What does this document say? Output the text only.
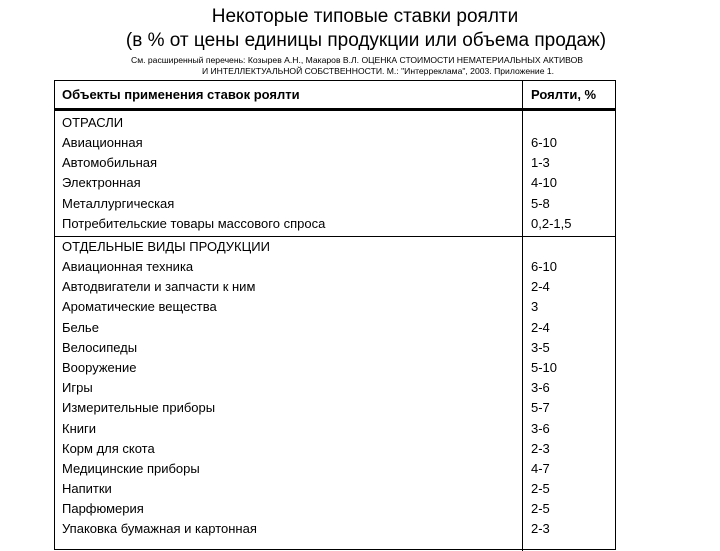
Некоторые типовые ставки роялти
(в % от цены единицы продукции или объема продаж)
См. расширенный перечень: Козырев А.Н., Макаров В.Л. ОЦЕНКА СТОИМОСТИ НЕМАТЕРИАЛЬНЫХ АКТИВОВ
И ИНТЕЛЛЕКТУАЛЬНОЙ СОБСТВЕННОСТИ. М.: "Интерреклама", 2003. Приложение 1.
Объекты применения ставок роялти	Роялти, %
ОТРАСЛИ
Авиационная	6-10
Автомобильная	1-3
Электронная	4-10
Металлургическая	5-8
Потребительские товары массового спроса	0,2-1,5
ОТДЕЛЬНЫЕ ВИДЫ ПРОДУКЦИИ
Авиационная техника	6-10
Автодвигатели и запчасти к ним	2-4
Ароматические вещества	3
Белье	2-4
Велосипеды	3-5
Вооружение	5-10
Игры	3-6
Измерительные приборы	5-7
Книги	3-6
Корм для скота	2-3
Медицинские приборы	4-7
Напитки	2-5
Парфюмерия	2-5
Упаковка бумажная и картонная	2-3
